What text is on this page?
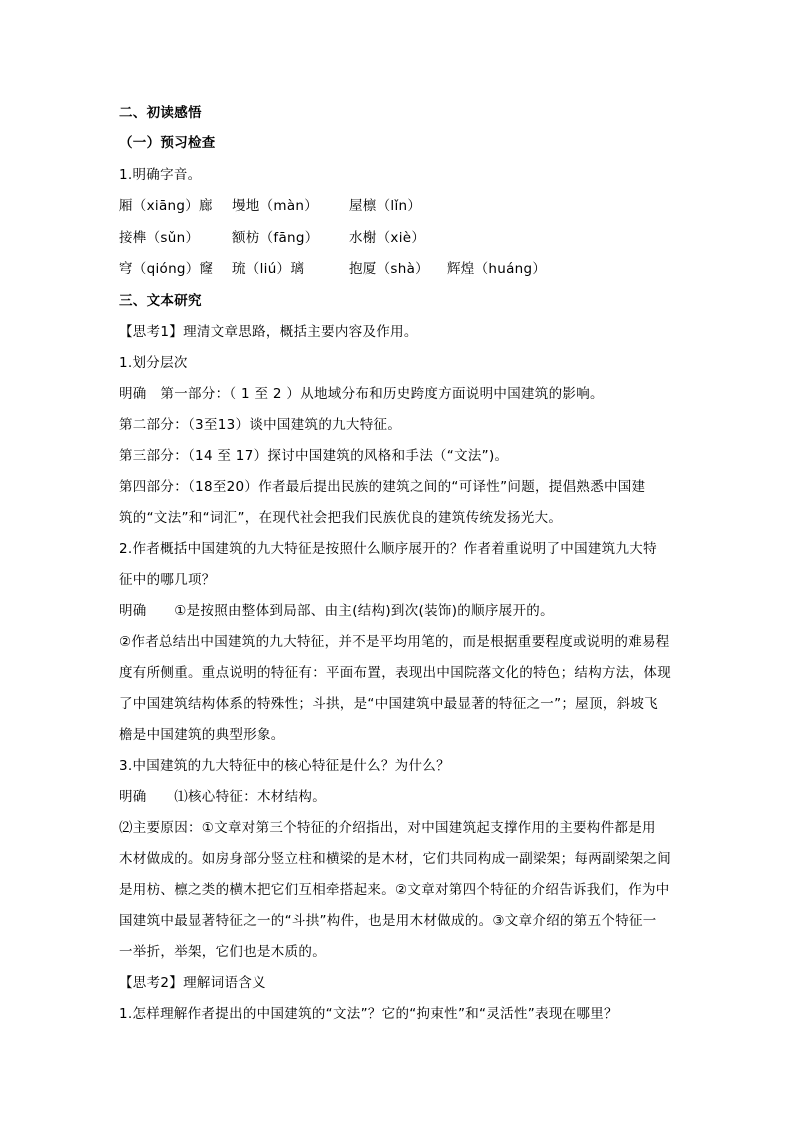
二、初读感悟
（一）预习检查
1.明确字音。
厢（xiāng）廊 墁地（màn） 屋檩（lǐn）
接榫（sǔn） 额枋（fāng） 水榭（xiè）
穹（qióng）窿 琉（liú）璃	抱厦（shà） 辉煌（huáng）
三、文本研究
【思考1】理清文章思路，概括主要内容及作用。
1.划分层次
明确　第一部分：（ 1 至 2 ）从地域分布和历史跨度方面说明中国建筑的影响。
第二部分：（3至13）谈中国建筑的九大特征。
第三部分：（14 至 17）探讨中国建筑的风格和手法（“文法”)。
第四部分：（18至20）作者最后提出民族的建筑之间的“可译性”问题，提倡熟悉中国建
筑的“文法”和“词汇”，在现代社会把我们民族优良的建筑传统发扬光大。
2.作者概括中国建筑的九大特征是按照什么顺序展开的？作者着重说明了中国建筑九大特
征中的哪几项？
明确　　①是按照由整体到局部、由主(结构)到次(装饰)的顺序展开的。
②作者总结出中国建筑的九大特征，并不是平均用笔的，而是根据重要程度或说明的难易程
度有所侧重。重点说明的特征有：平面布置，表现出中国院落文化的特色；结构方法，体现
了中国建筑结构体系的特殊性；斗拱，是“中国建筑中最显著的特征之一”；屋顶，斜坡飞
檐是中国建筑的典型形象。
3.中国建筑的九大特征中的核心特征是什么？为什么？
明确　　⑴核心特征：木材结构。
⑵主要原因：①文章对第三个特征的介绍指出，对中国建筑起支撑作用的主要构件都是用
木材做成的。如房身部分竖立柱和横梁的是木材，它们共同构成一副梁架；每两副梁架之间
是用枋、檩之类的横木把它们互相牵搭起来。②文章对第四个特征的介绍告诉我们，作为中
国建筑中最显著特征之一的“斗拱”构件，也是用木材做成的。③文章介绍的第五个特征一
一举折，举架，它们也是木质的。
【思考2】理解词语含义
1.怎样理解作者提出的中国建筑的“文法”？它的“拘束性”和“灵活性”表现在哪里？
